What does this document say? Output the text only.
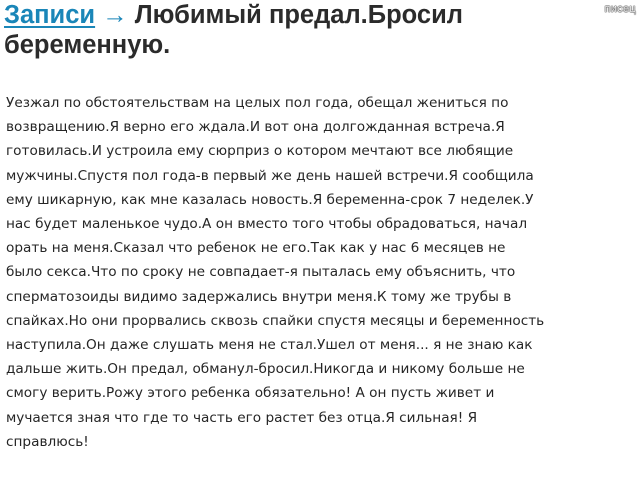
писец
Записи → Любимый предал.Бросил
беременную.
Уезжал по обстоятельствам на целых пол года, обещал жениться по
возвращению.Я верно его ждала.И вот она долгожданная встреча.Я
готовилась.И устроила ему сюрприз о котором мечтают все любящие
мужчины.Спустя пол года-в первый же день нашей встречи.Я сообщила
ему шикарную, как мне казалась новость.Я беременна-срок 7 неделек.У
нас будет маленькое чудо.А он вместо того чтобы обрадоваться, начал
орать на меня.Сказал что ребенок не его.Так как у нас 6 месяцев не
было секса.Что по сроку не совпадает-я пыталась ему объяснить, что
сперматозоиды видимо задержались внутри меня.К тому же трубы в
спайках.Но они прорвались сквозь спайки спустя месяцы и беременность
наступила.Он даже слушать меня не стал.Ушел от меня... я не знаю как
дальше жить.Он предал, обманул-бросил.Никогда и никому больше не
смогу верить.Рожу этого ребенка обязательно! А он пусть живет и
мучается зная что где то часть его растет без отца.Я сильная! Я
справлюсь!
